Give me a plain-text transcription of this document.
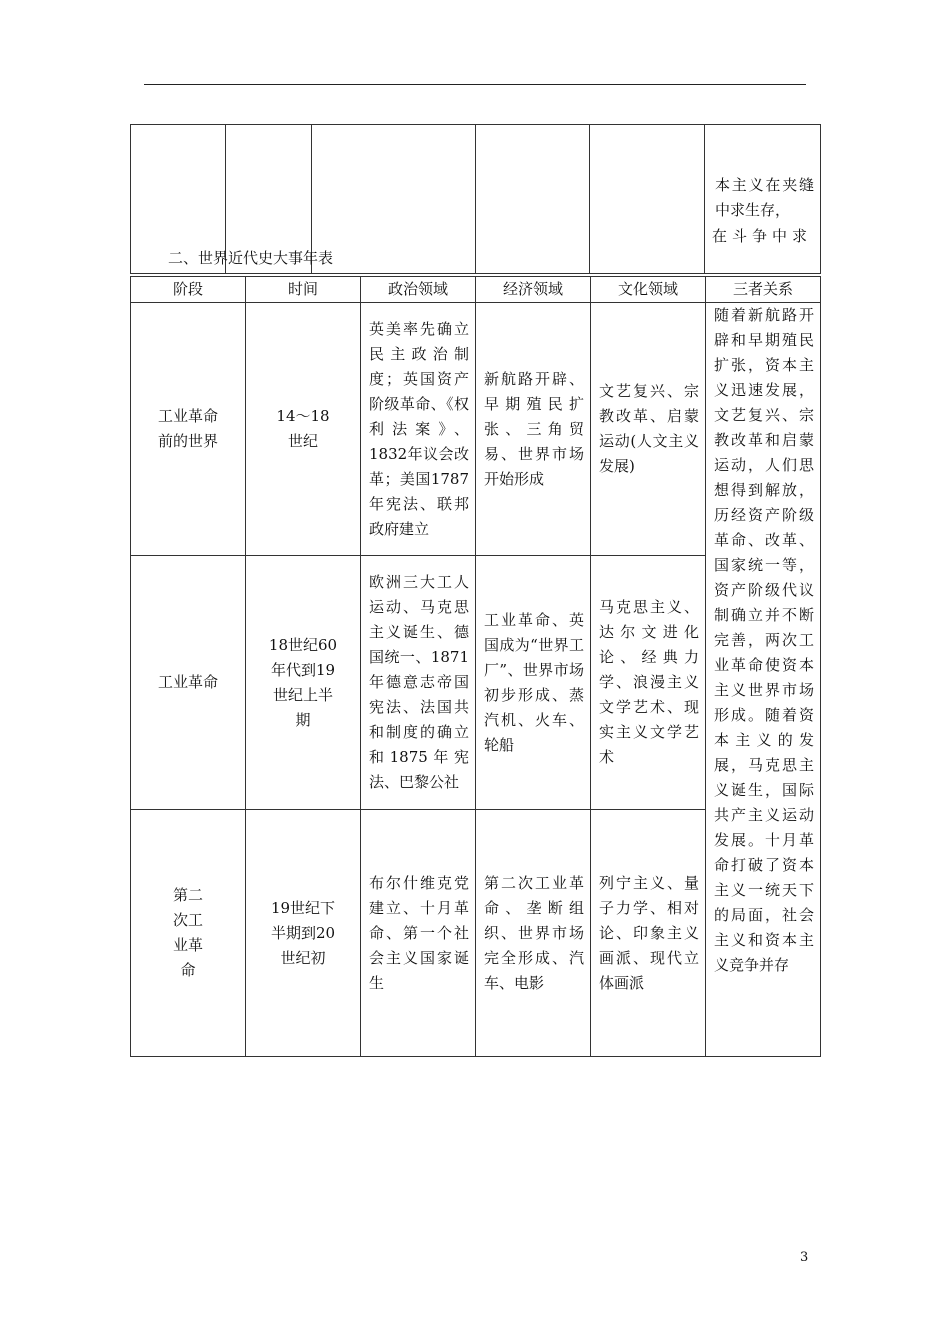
					本主义在夹缝中求生存，
在斗争中求
二、世界近代史大事年表
阶段	时间	政治领域	经济领域	文化领域	三者关系
工业革命前的世界	14～18世纪	英美率先确立民主政治制度；英国资产阶级革命、《权利法案》、1832年议会改革；美国1787年宪法、联邦政府建立	新航路开辟、早期殖民扩张、三角贸易、世界市场开始形成	文艺复兴、宗教改革、启蒙运动(人文主义发展)	随着新航路开辟和早期殖民扩张，资本主义迅速发展，文艺复兴、宗教改革和启蒙运动，人们思想得到解放，历经资产阶级革命、改革、国家统一等，资产阶级代议制确立并不断完善，两次工业革命使资本主义世界市场形成。随着资本主义的发展，马克思主义诞生，国际共产主义运动发展。十月革命打破了资本主义一统天下的局面，社会主义和资本主义竞争并存
工业革命	18世纪60年代到19世纪上半期	欧洲三大工人运动、马克思主义诞生、德国统一、1871年德意志帝国宪法、法国共和制度的确立和1875年宪法、巴黎公社	工业革命、英国成为“世界工厂”、世界市场初步形成、蒸汽机、火车、轮船	马克思主义、达尔文进化论、经典力学、浪漫主义文学艺术、现实主义文学艺术	
第二次工业革命	19世纪下半期到20世纪初	布尔什维克党建立、十月革命、第一个社会主义国家诞生	第二次工业革命、垄断组织、世界市场完全形成、汽车、电影	列宁主义、量子力学、相对论、印象主义画派、现代立体画派	
3
